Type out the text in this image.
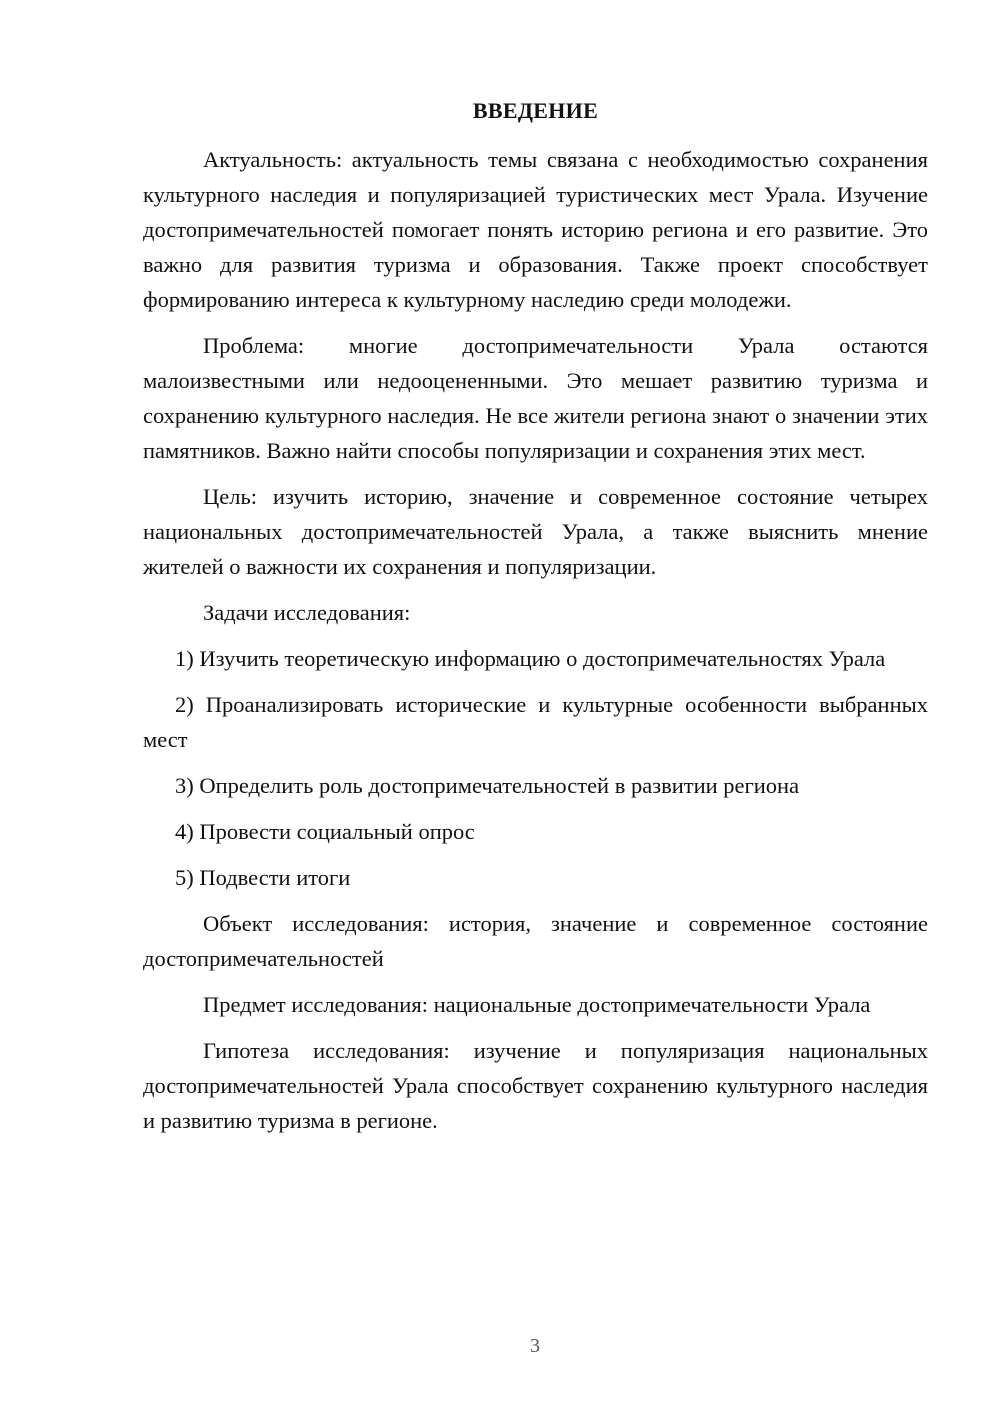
ВВЕДЕНИЕ

Актуальность: актуальность темы связана с необходимостью сохранения культурного наследия и популяризацией туристических мест Урала. Изучение достопримечательностей помогает понять историю региона и его развитие. Это важно для развития туризма и образования. Также проект способствует формированию интереса к культурному наследию среди молодежи.

Проблема: многие достопримечательности Урала остаются малоизвестными или недооцененными. Это мешает развитию туризма и сохранению культурного наследия. Не все жители региона знают о значении этих памятников. Важно найти способы популяризации и сохранения этих мест.

Цель: изучить историю, значение и современное состояние четырех национальных достопримечательностей Урала, а также выяснить мнение жителей о важности их сохранения и популяризации.

Задачи исследования:

1) Изучить теоретическую информацию о достопримечательностях Урала

2) Проанализировать исторические и культурные особенности выбранных мест

3) Определить роль достопримечательностей в развитии региона

4) Провести социальный опрос

5) Подвести итоги

Объект исследования: история, значение и современное состояние достопримечательностей

Предмет исследования: национальные достопримечательности Урала

Гипотеза исследования: изучение и популяризация национальных достопримечательностей Урала способствует сохранению культурного наследия и развитию туризма в регионе.

3
